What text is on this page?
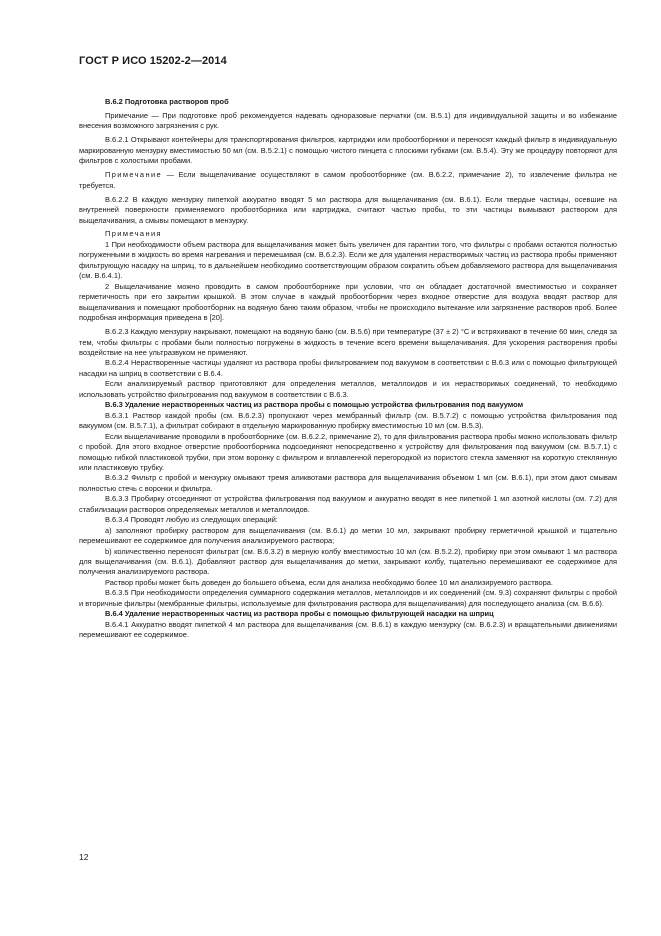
ГОСТ Р ИСО 15202-2—2014

В.6.2 Подготовка растворов проб

Примечание — При подготовке проб рекомендуется надевать одноразовые перчатки (см. В.5.1) для индивидуальной защиты и во избежание внесения возможного загрязнения с рук.

В.6.2.1 Открывают контейнеры для транспортирования фильтров, картриджи или пробоотборники и переносят каждый фильтр в индивидуальную маркированную мензурку вместимостью 50 мл (см. В.5.2.1) с помощью чистого пинцета с плоскими губками (см. В.5.4). Эту же процедуру повторяют для фильтров с холостыми пробами.

Примечание — Если выщелачивание осуществляют в самом пробоотборнике (см. В.6.2.2, примечание 2), то извлечение фильтра не требуется.

В.6.2.2 В каждую мензурку пипеткой аккуратно вводят 5 мл раствора для выщелачивания (см. В.6.1). Если твердые частицы, осевшие на внутренней поверхности применяемого пробоотборника или картриджа, считают частью пробы, то эти частицы вымывают раствором для выщелачивания, а смывы помещают в мензурку.

Примечания

1 При необходимости объем раствора для выщелачивания может быть увеличен для гарантии того, что фильтры с пробами остаются полностью погруженными в жидкость во время нагревания и перемешивая (см. В.6.2.3). Если же для удаления нерастворимых частиц из раствора пробы применяют фильтрующую насадку на шприц, то в дальнейшем необходимо соответствующим образом сократить объем добавляемого раствора для выщелачивания (см. В.6.4.1).

2 Выщелачивание можно проводить в самом пробоотборнике при условии, что он обладает достаточной вместимостью и сохраняет герметичность при его закрытии крышкой. В этом случае в каждый пробоотборник через входное отверстие для воздуха вводят раствор для выщелачивания и помещают пробоотборник на водяную баню таким образом, чтобы не происходило вытекание или загрязнение растворов проб. Более подробная информация приведена в [20].

В.6.2.3 Каждую мензурку накрывают, помещают на водяную баню (см. В.5.6) при температуре (37 ± 2) °С и встряхивают в течение 60 мин, следя за тем, чтобы фильтры с пробами были полностью погружены в жидкость в течение всего времени выщелачивания. Для ускорения растворения пробы воздействие на нее ультразвуком не применяют.

В.6.2.4 Нерастворенные частицы удаляют из раствора пробы фильтрованием под вакуумом в соответствии с В.6.3 или с помощью фильтрующей насадки на шприц в соответствии с В.6.4.

Если анализируемый раствор приготовляют для определения металлов, металлоидов и их нерастворимых соединений, то необходимо использовать устройство фильтрования под вакуумом в соответствии с В.6.3.

В.6.3 Удаление нерастворенных частиц из раствора пробы с помощью устройства фильтрования под вакуумом

В.6.3.1 Раствор каждой пробы (см. В.6.2.3) пропускают через мембранный фильтр (см. В.5.7.2) с помощью устройства фильтрования под вакуумом (см. В.5.7.1), а фильтрат собирают в отдельную маркированную пробирку вместимостью 10 мл (см. В.5.3).

Если выщелачивание проводили в пробоотборнике (см. В.6.2.2, примечание 2), то для фильтрования раствора пробы можно использовать фильтр с пробой. Для этого входное отверстие пробоотборника подсоединяют непосредственно к устройству для фильтрования под вакуумом (см. В.5.7.1) с помощью гибкой пластиковой трубки, при этом воронку с фильтром и вплавленной перегородкой из пористого стекла заменяют на короткую стеклянную или пластиковую трубку.

В.6.3.2 Фильтр с пробой и мензурку омывают тремя аликвотами раствора для выщелачивания объемом 1 мл (см. В.6.1), при этом дают смывам полностью стечь с воронки и фильтра.

В.6.3.3 Пробирку отсоединяют от устройства фильтрования под вакуумом и аккуратно вводят в нее пипеткой 1 мл азотной кислоты (см. 7.2) для стабилизации растворов определяемых металлов и металлоидов.

В.6.3.4 Проводят любую из следующих операций:

a) заполняют пробирку раствором для выщелачивания (см. В.6.1) до метки 10 мл, закрывают пробирку герметичной крышкой и тщательно перемешивают ее содержимое для получения анализируемого раствора;

b) количественно переносят фильтрат (см. В.6.3.2) в мерную колбу вместимостью 10 мл (см. В.5.2.2), пробирку при этом омывают 1 мл раствора для выщелачивания (см. В.6.1). Добавляют раствор для выщелачивания до метки, закрывают колбу, тщательно перемешивают ее содержимое для получения анализируемого раствора.

Раствор пробы может быть доведен до большего объема, если для анализа необходимо более 10 мл анализируемого раствора.

В.6.3.5 При необходимости определения суммарного содержания металлов, металлоидов и их соединений (см. 9.3) сохраняют фильтры с пробой и вторичные фильтры (мембранные фильтры, используемые для фильтрования раствора для выщелачивания) для последующего анализа (см. В.6.6).

В.6.4 Удаление нерастворенных частиц из раствора пробы с помощью фильтрующей насадки на шприц

В.6.4.1 Аккуратно вводят пипеткой 4 мл раствора для выщелачивания (см. В.6.1) в каждую мензурку (см. В.6.2.3) и вращательными движениями перемешивают ее содержимое.

12
